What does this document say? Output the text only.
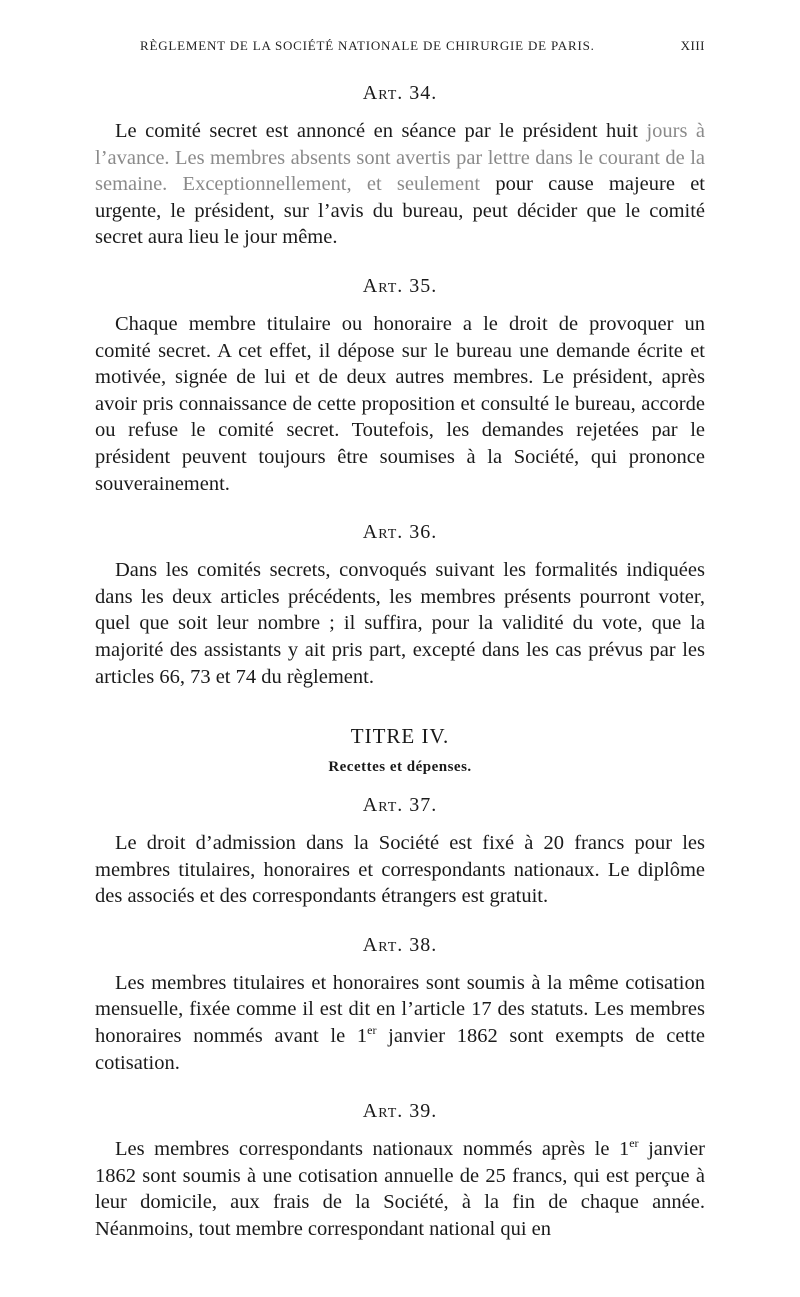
RÈGLEMENT DE LA SOCIÉTÉ NATIONALE DE CHIRURGIE DE PARIS.	XIII

Art. 34.

Le comité secret est annoncé en séance par le président huit jours à l’avance. Les membres absents sont avertis par lettre dans le courant de la semaine. Exceptionnellement, et seulement pour cause majeure et urgente, le président, sur l’avis du bureau, peut décider que le comité secret aura lieu le jour même.

Art. 35.

Chaque membre titulaire ou honoraire a le droit de provoquer un comité secret. A cet effet, il dépose sur le bureau une demande écrite et motivée, signée de lui et de deux autres membres. Le président, après avoir pris connaissance de cette proposition et consulté le bureau, accorde ou refuse le comité secret. Toutefois, les demandes rejetées par le président peuvent toujours être soumises à la Société, qui prononce souverainement.

Art. 36.

Dans les comités secrets, convoqués suivant les formalités indiquées dans les deux articles précédents, les membres présents pourront voter, quel que soit leur nombre ; il suffira, pour la validité du vote, que la majorité des assistants y ait pris part, excepté dans les cas prévus par les articles 66, 73 et 74 du règlement.

TITRE IV.

Recettes et dépenses.

Art. 37.

Le droit d’admission dans la Société est fixé à 20 francs pour les membres titulaires, honoraires et correspondants nationaux. Le diplôme des associés et des correspondants étrangers est gratuit.

Art. 38.

Les membres titulaires et honoraires sont soumis à la même cotisation mensuelle, fixée comme il est dit en l’article 17 des statuts. Les membres honoraires nommés avant le 1er janvier 1862 sont exempts de cette cotisation.

Art. 39.

Les membres correspondants nationaux nommés après le 1er janvier 1862 sont soumis à une cotisation annuelle de 25 francs, qui est perçue à leur domicile, aux frais de la Société, à la fin de chaque année. Néanmoins, tout membre correspondant national qui en
